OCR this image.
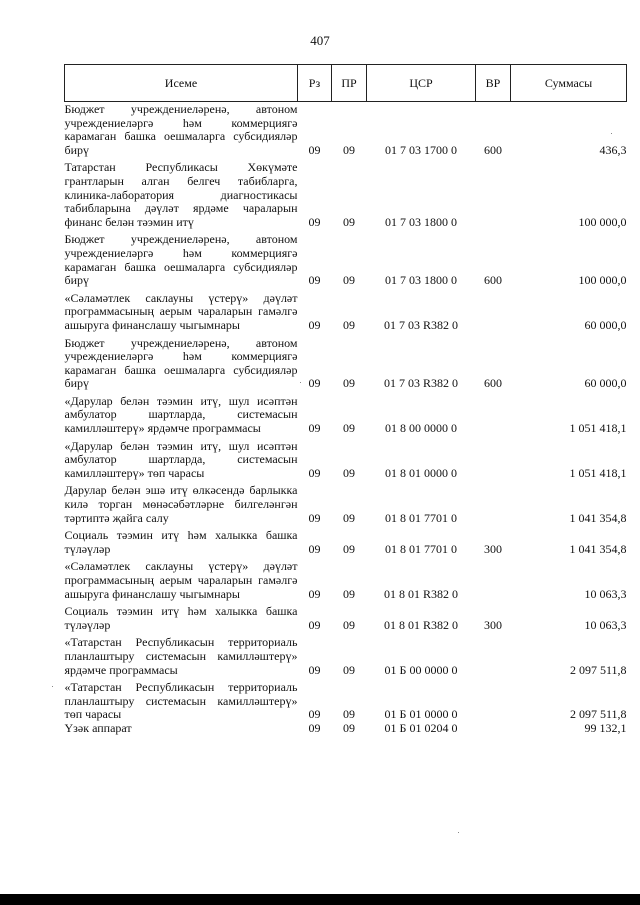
407
Исеме	Рз	ПР	ЦСР	ВР	Суммасы
Бюджет учреждениеләренә, автоном учреждениеләргә һәм коммерциягә карамаган башка оешмаларга субсидияләр бирү	09	09	01 7 03 1700 0	600	436,3

Татарстан Республикасы Хөкүмәте грантларын алган белгеч табибларга, клиника-лаборатория диагностикасы табибларына дәүләт ярдәме чараларын финанс белән тәэмин итү	09	09	01 7 03 1800 0		100 000,0

Бюджет учреждениеләренә, автоном учреждениеләргә һәм коммерциягә карамаган башка оешмаларга субсидияләр бирү	09	09	01 7 03 1800 0	600	100 000,0

«Сәламәтлек саклауны үстерү» дәүләт программасының аерым чараларын гамәлгә ашыруга финанслашу чыгымнары	09	09	01 7 03 R382 0		60 000,0

Бюджет учреждениеләренә, автоном учреждениеләргә һәм коммерциягә карамаган башка оешмаларга субсидияләр бирү	09	09	01 7 03 R382 0	600	60 000,0

«Дарулар белән тәэмин итү, шул исәптән амбулатор шартларда, системасын камилләштерү» ярдәмче программасы	09	09	01 8 00 0000 0		1 051 418,1

«Дарулар белән тәэмин итү, шул исәптән амбулатор шартларда, системасын камилләштерү» төп чарасы	09	09	01 8 01 0000 0		1 051 418,1

Дарулар белән эшә итү өлкәсендә барлыкка килә торган мөнәсәбәтләрне билгеләнгән тәртиптә җайга салу	09	09	01 8 01 7701 0		1 041 354,8

Социаль тәэмин итү һәм халыкка башка түләүләр	09	09	01 8 01 7701 0	300	1 041 354,8

«Сәламәтлек саклауны үстерү» дәүләт программасының аерым чараларын гамәлгә ашыруга финанслашу чыгымнары	09	09	01 8 01 R382 0		10 063,3

Социаль тәэмин итү һәм халыкка башка түләүләр	09	09	01 8 01 R382 0	300	10 063,3

«Татарстан Республикасын территориаль планлаштыру системасын камилләштерү» ярдәмче программасы	09	09	01 Б 00 0000 0		2 097 511,8

«Татарстан Республикасын территориаль планлаштыру системасын камилләштерү» төп чарасы	09	09	01 Б 01 0000 0		2 097 511,8
Үзәк аппарат	09	09	01 Б 01 0204 0		99 132,1
